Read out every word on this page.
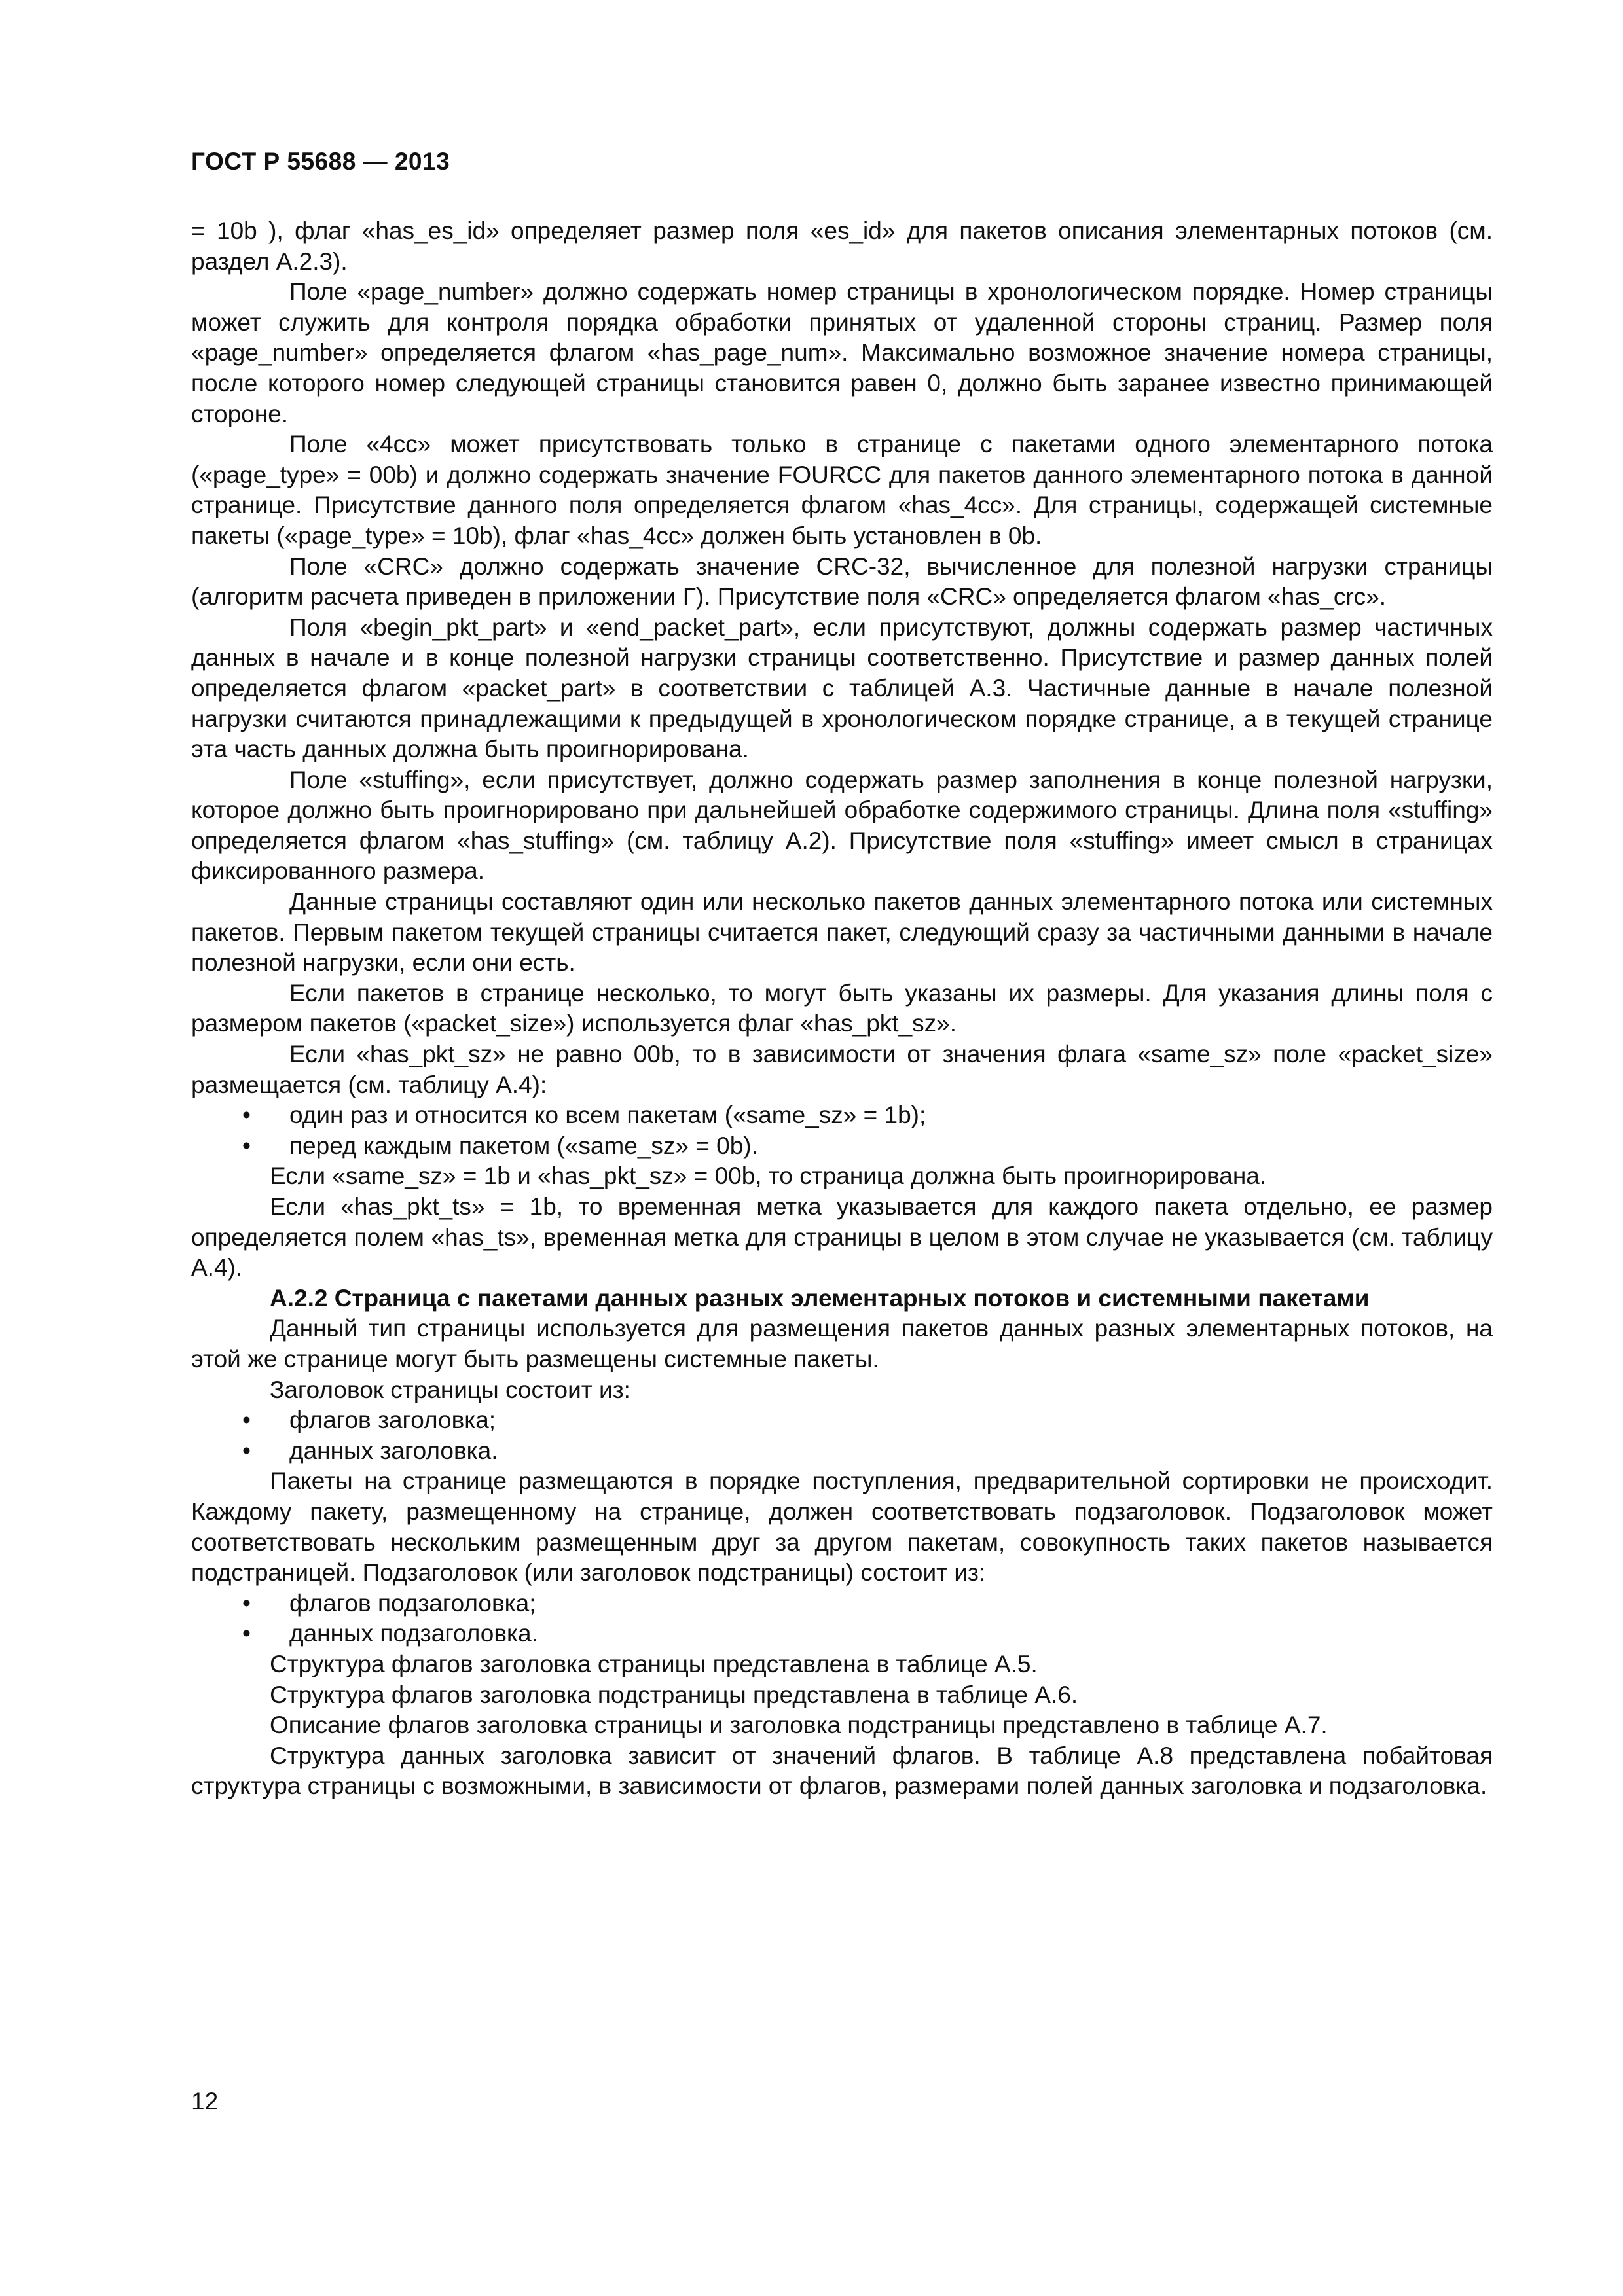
ГОСТ Р 55688 — 2013

= 10b ), флаг «has_es_id» определяет размер поля «es_id» для пакетов описания элементарных потоков (см. раздел А.2.3).

Поле «page_number» должно содержать номер страницы в хронологическом порядке. Номер страницы может служить для контроля порядка обработки принятых от удаленной стороны страниц. Размер поля «page_number» определяется флагом «has_page_num». Максимально возможное значение номера страницы, после которого номер следующей страницы становится равен 0, должно быть заранее известно принимающей стороне.

Поле «4cc» может присутствовать только в странице с пакетами одного элементарного потока («page_type» = 00b) и должно содержать значение FOURCC для пакетов данного элементарного потока в данной странице. Присутствие данного поля определяется флагом «has_4cc». Для страницы, содержащей системные пакеты («page_type» = 10b), флаг «has_4cc» должен быть установлен в 0b.

Поле «CRC» должно содержать значение CRC-32, вычисленное для полезной нагрузки страницы (алгоритм расчета приведен в приложении Г). Присутствие поля «CRC» определяется флагом «has_crc».

Поля «begin_pkt_part» и «end_packet_part», если присутствуют, должны содержать размер частичных данных в начале и в конце полезной нагрузки страницы соответственно. Присутствие и размер данных полей определяется флагом «packet_part» в соответствии с таблицей А.3. Частичные данные в начале полезной нагрузки считаются принадлежащими к предыдущей в хронологическом порядке странице, а в текущей странице эта часть данных должна быть проигнорирована.

Поле «stuffing», если присутствует, должно содержать размер заполнения в конце полезной нагрузки, которое должно быть проигнорировано при дальнейшей обработке содержимого страницы. Длина поля «stuffing» определяется флагом «has_stuffing» (см. таблицу А.2). Присутствие поля «stuffing» имеет смысл в страницах фиксированного размера.

Данные страницы составляют один или несколько пакетов данных элементарного потока или системных пакетов. Первым пакетом текущей страницы считается пакет, следующий сразу за частичными данными в начале полезной нагрузки, если они есть.

Если пакетов в странице несколько, то могут быть указаны их размеры. Для указания длины поля с размером пакетов («packet_size») используется флаг «has_pkt_sz».

Если «has_pkt_sz» не равно 00b, то в зависимости от значения флага «same_sz» поле «packet_size» размещается (см. таблицу А.4):

• один раз и относится ко всем пакетам («same_sz» = 1b);
• перед каждым пакетом («same_sz» = 0b).

Если «same_sz» = 1b и «has_pkt_sz» = 00b, то страница должна быть проигнорирована.

Если «has_pkt_ts» = 1b, то временная метка указывается для каждого пакета отдельно, ее размер определяется полем «has_ts», временная метка для страницы в целом в этом случае не указывается (см. таблицу А.4).

А.2.2 Страница с пакетами данных разных элементарных потоков и системными пакетами

Данный тип страницы используется для размещения пакетов данных разных элементарных потоков, на этой же странице могут быть размещены системные пакеты.

Заголовок страницы состоит из:

• флагов заголовка;
• данных заголовка.

Пакеты на странице размещаются в порядке поступления, предварительной сортировки не происходит. Каждому пакету, размещенному на странице, должен соответствовать подзаголовок. Подзаголовок может соответствовать нескольким размещенным друг за другом пакетам, совокупность таких пакетов называется подстраницей. Подзаголовок (или заголовок подстраницы) состоит из:

• флагов подзаголовка;
• данных подзаголовка.

Структура флагов заголовка страницы представлена в таблице А.5.

Структура флагов заголовка подстраницы представлена в таблице А.6.

Описание флагов заголовка страницы и заголовка подстраницы представлено в таблице А.7.

Структура данных заголовка зависит от значений флагов. В таблице А.8 представлена побайтовая структура страницы с возможными, в зависимости от флагов, размерами полей данных заголовка и подзаголовка.

12
